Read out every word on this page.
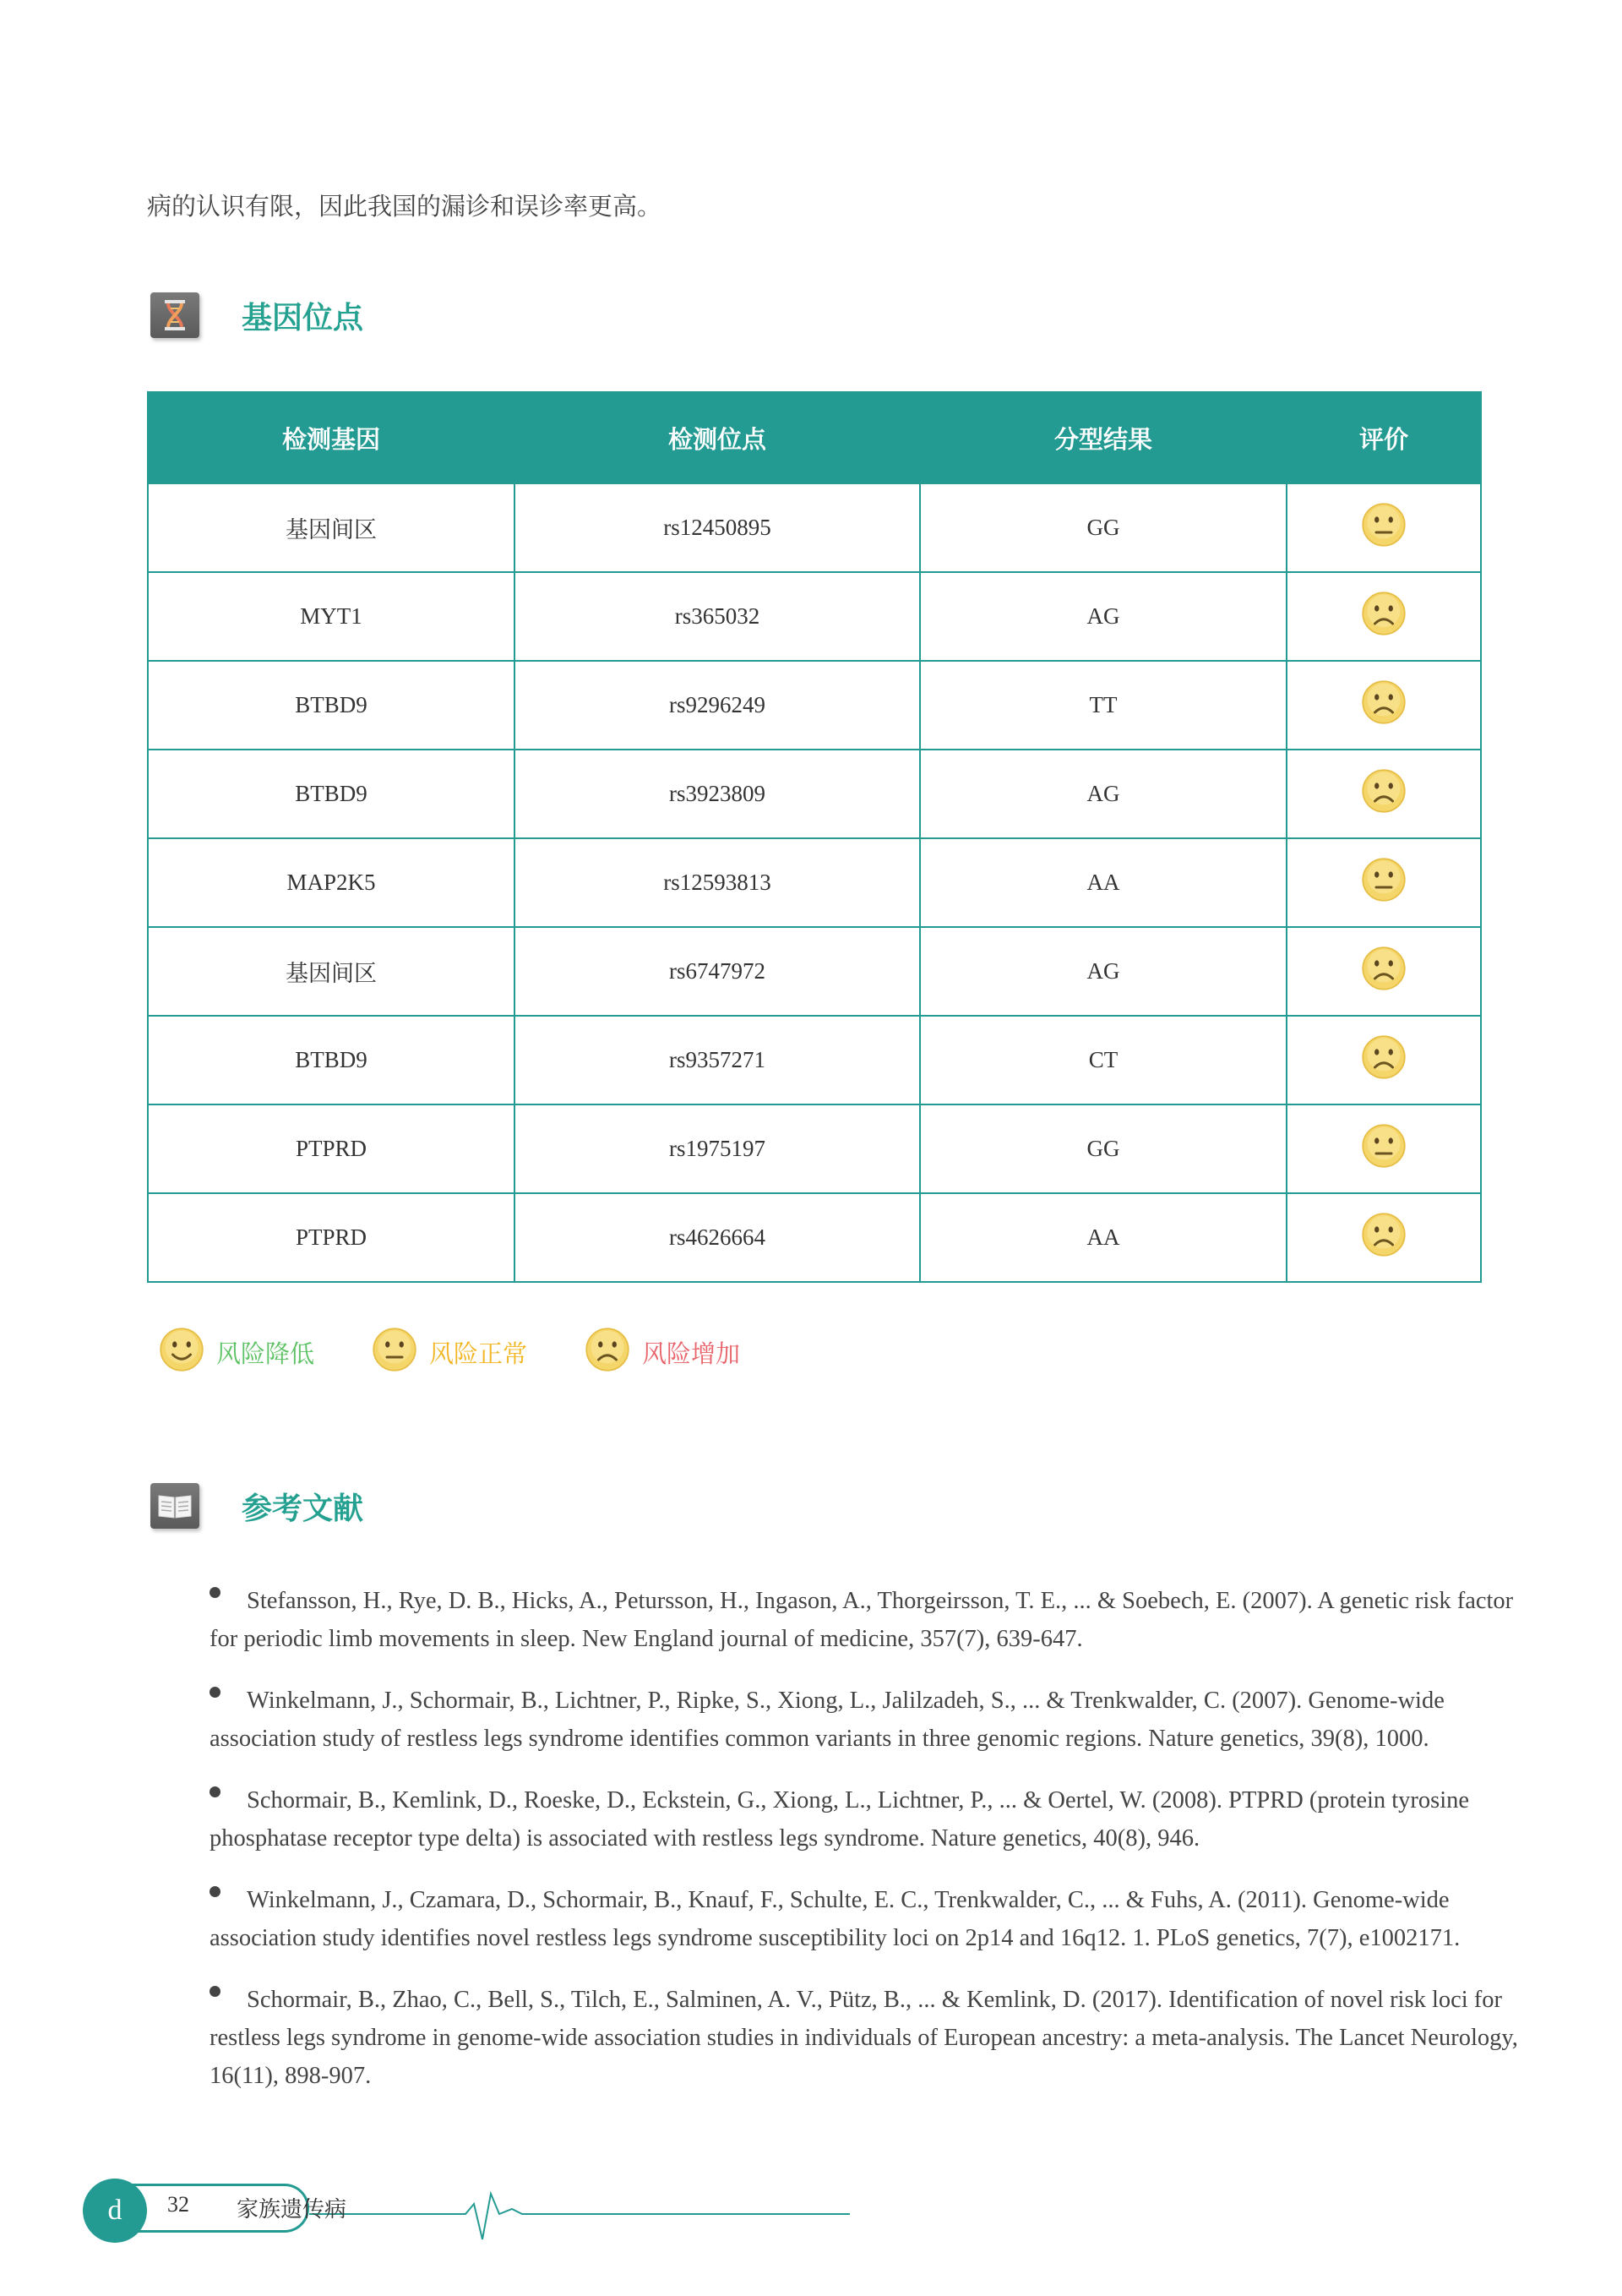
病的认识有限，因此我国的漏诊和误诊率更高。
基因位点
检测基因	检测位点	分型结果	评价
基因间区	rs12450895	GG	
MYT1	rs365032	AG	
BTBD9	rs9296249	TT	
BTBD9	rs3923809	AG	
MAP2K5	rs12593813	AA	
基因间区	rs6747972	AG	
BTBD9	rs9357271	CT	
PTPRD	rs1975197	GG	
PTPRD	rs4626664	AA	
风险降低	风险正常	风险增加
参考文献
Stefansson, H., Rye, D. B., Hicks, A., Petursson, H., Ingason, A., Thorgeirsson, T. E., ... & Soebech, E. (2007). A genetic risk factor for periodic limb movements in sleep. New England journal of medicine, 357(7), 639-647.
Winkelmann, J., Schormair, B., Lichtner, P., Ripke, S., Xiong, L., Jalilzadeh, S., ... & Trenkwalder, C. (2007). Genome-wide association study of restless legs syndrome identifies common variants in three genomic regions. Nature genetics, 39(8), 1000.
Schormair, B., Kemlink, D., Roeske, D., Eckstein, G., Xiong, L., Lichtner, P., ... & Oertel, W. (2008). PTPRD (protein tyrosine phosphatase receptor type delta) is associated with restless legs syndrome. Nature genetics, 40(8), 946.
Winkelmann, J., Czamara, D., Schormair, B., Knauf, F., Schulte, E. C., Trenkwalder, C., ... & Fuhs, A. (2011). Genome-wide association study identifies novel restless legs syndrome susceptibility loci on 2p14 and 16q12. 1. PLoS genetics, 7(7), e1002171.
Schormair, B., Zhao, C., Bell, S., Tilch, E., Salminen, A. V., Pütz, B., ... & Kemlink, D. (2017). Identification of novel risk loci for restless legs syndrome in genome-wide association studies in individuals of European ancestry: a meta-analysis. The Lancet Neurology, 16(11), 898-907.
d	32 家族遗传病
